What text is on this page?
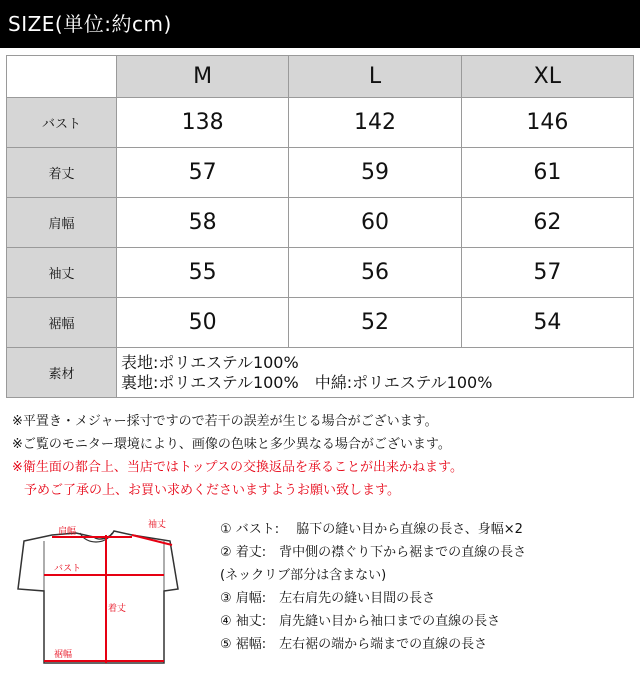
SIZE(単位:約cm)
	M	L	XL
バスト	138	142	146
着丈	57	59	61
肩幅	58	60	62
袖丈	55	56	57
裾幅	50	52	54
素材	表地:ポリエステル100%
裏地:ポリエステル100% 中綿:ポリエステル100%		
※平置き・メジャー採寸ですので若干の誤差が生じる場合がございます。
※ご覧のモニター環境により、画像の色味と多少異なる場合がございます。
※衛生面の都合上、当店ではトップスの交換返品を承ることが出来かねます。
予めご了承の上、お買い求めくださいますようお願い致します。
袖丈
肩幅
バスト
着丈
裾幅
① バスト:　 脇下の縫い目から直線の長さ、身幅×2
② 着丈:　背中側の襟ぐり下から裾までの直線の長さ
(ネックリブ部分は含まない)
③ 肩幅:　左右肩先の縫い目間の長さ
④ 袖丈:　肩先縫い目から袖口までの直線の長さ
⑤ 裾幅:　左右裾の端から端までの直線の長さ
